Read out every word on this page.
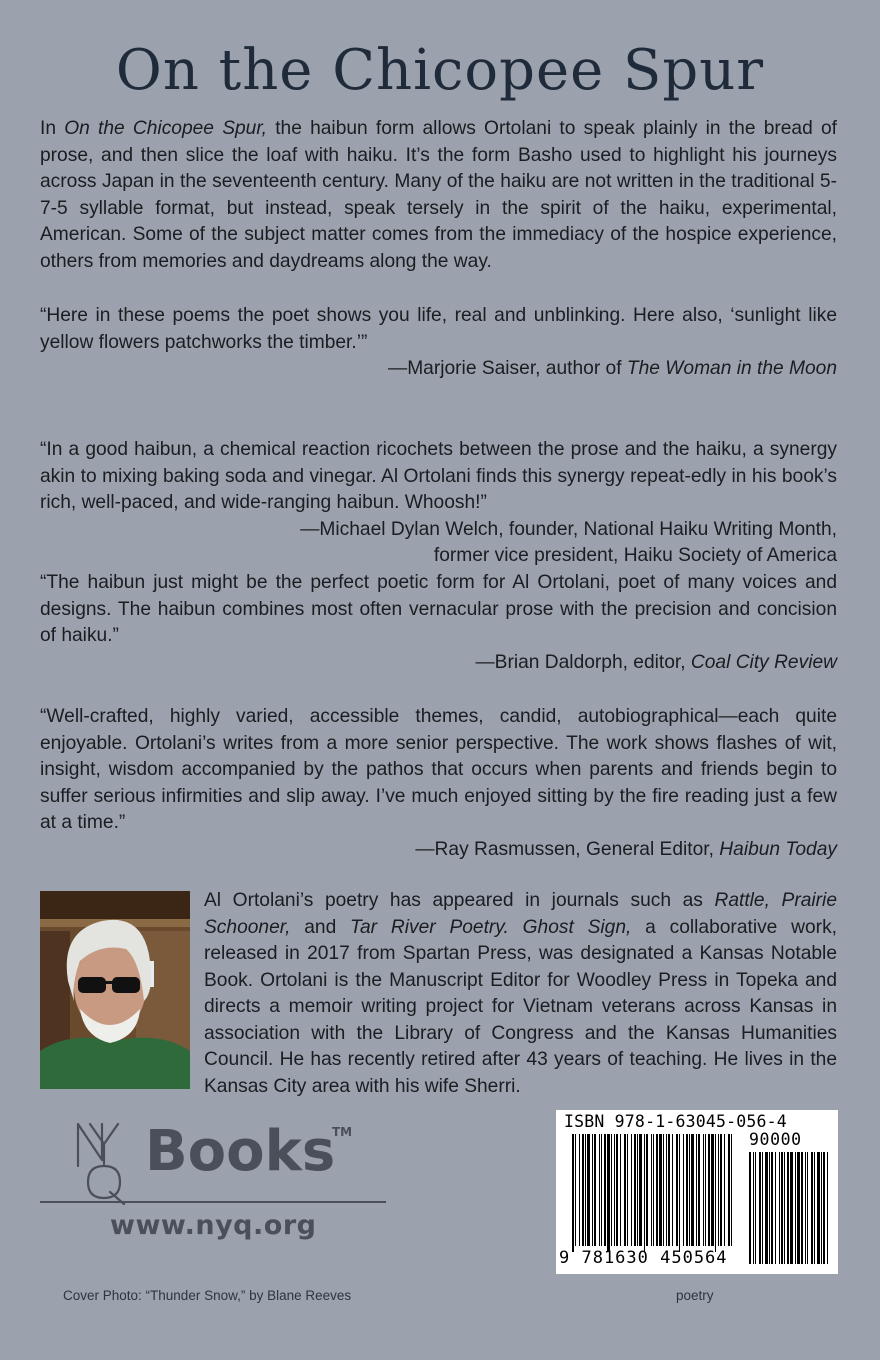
On the Chicopee Spur

In On the Chicopee Spur, the haibun form allows Ortolani to speak plainly in the bread of prose, and then slice the loaf with haiku. It’s the form Basho used to highlight his journeys across Japan in the seventeenth century. Many of the haiku are not written in the traditional 5-7-5 syllable format, but instead, speak tersely in the spirit of the haiku, experimental, American. Some of the subject matter comes from the immediacy of the hospice experience, others from memories and daydreams along the way.

“Here in these poems the poet shows you life, real and unblinking. Here also, ‘sunlight like yellow flowers patchworks the timber.’”
—Marjorie Saiser, author of The Woman in the Moon
“In a good haibun, a chemical reaction ricochets between the prose and the haiku, a synergy akin to mixing baking soda and vinegar. Al Ortolani finds this synergy repeat-edly in his book’s rich, well-paced, and wide-ranging haibun. Whoosh!”
—Michael Dylan Welch, founder, National Haiku Writing Month,
former vice president, Haiku Society of America
“The haibun just might be the perfect poetic form for Al Ortolani, poet of many voices and designs. The haibun combines most often vernacular prose with the precision and concision of haiku.”
—Brian Daldorph, editor, Coal City Review
“Well-crafted, highly varied, accessible themes, candid, autobiographical—each quite enjoyable. Ortolani’s writes from a more senior perspective. The work shows flashes of wit, insight, wisdom accompanied by the pathos that occurs when parents and friends begin to suffer serious infirmities and slip away. I’ve much enjoyed sitting by the fire reading just a few at a time.”
—Ray Rasmussen, General Editor, Haibun Today

Al Ortolani’s poetry has appeared in journals such as Rattle, Prairie Schooner, and Tar River Poetry. Ghost Sign, a collaborative work, released in 2017 from Spartan Press, was designated a Kansas Notable Book. Ortolani is the Manuscript Editor for Woodley Press in Topeka and directs a memoir writing project for Vietnam veterans across Kansas in association with the Library of Congress and the Kansas Humanities Council. He has recently retired after 43 years of teaching. He lives in the Kansas City area with his wife Sherri.

Books
TM
www.nyq.org
ISBN 978-1-63045-056-4
90000
9 781630 450564
Cover Photo: “Thunder Snow,” by Blane Reeves	poetry
